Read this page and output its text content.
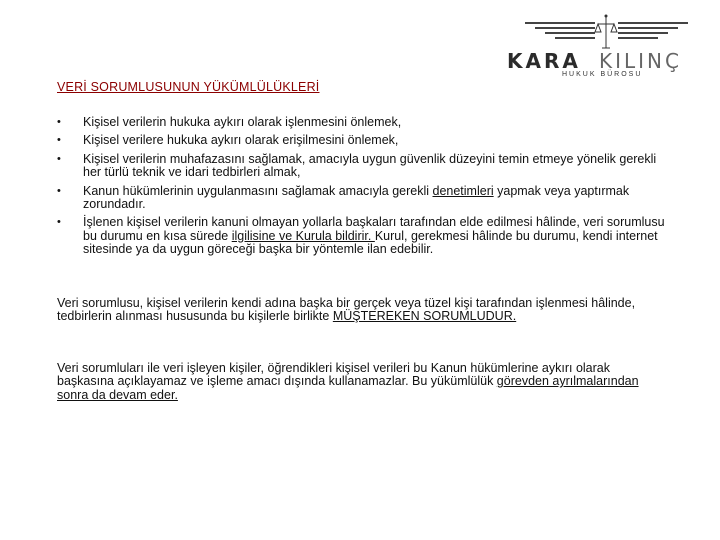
KARA KILINÇ
HUKUK BÜROSU
VERİ SORUMLUSUNUN YÜKÜMLÜLÜKLERİ
• Kişisel verilerin hukuka aykırı olarak işlenmesini önlemek,
• Kişisel verilere hukuka aykırı olarak erişilmesini önlemek,
• Kişisel verilerin muhafazasını sağlamak, amacıyla uygun güvenlik düzeyini temin etmeye yönelik gerekli her türlü teknik ve idari tedbirleri almak,
• Kanun hükümlerinin uygulanmasını sağlamak amacıyla gerekli denetimleri yapmak veya yaptırmak zorundadır.
• İşlenen kişisel verilerin kanuni olmayan yollarla başkaları tarafından elde edilmesi hâlinde, veri sorumlusu bu durumu en kısa sürede ilgilisine ve Kurula bildirir. Kurul, gerekmesi hâlinde bu durumu, kendi internet sitesinde ya da uygun göreceği başka bir yöntemle ilan edebilir.

Veri sorumlusu, kişisel verilerin kendi adına başka bir gerçek veya tüzel kişi tarafından işlenmesi hâlinde, tedbirlerin alınması hususunda bu kişilerle birlikte MÜŞTEREKEN SORUMLUDUR.

Veri sorumluları ile veri işleyen kişiler, öğrendikleri kişisel verileri bu Kanun hükümlerine aykırı olarak başkasına açıklayamaz ve işleme amacı dışında kullanamazlar. Bu yükümlülük görevden ayrılmalarından sonra da devam eder.
